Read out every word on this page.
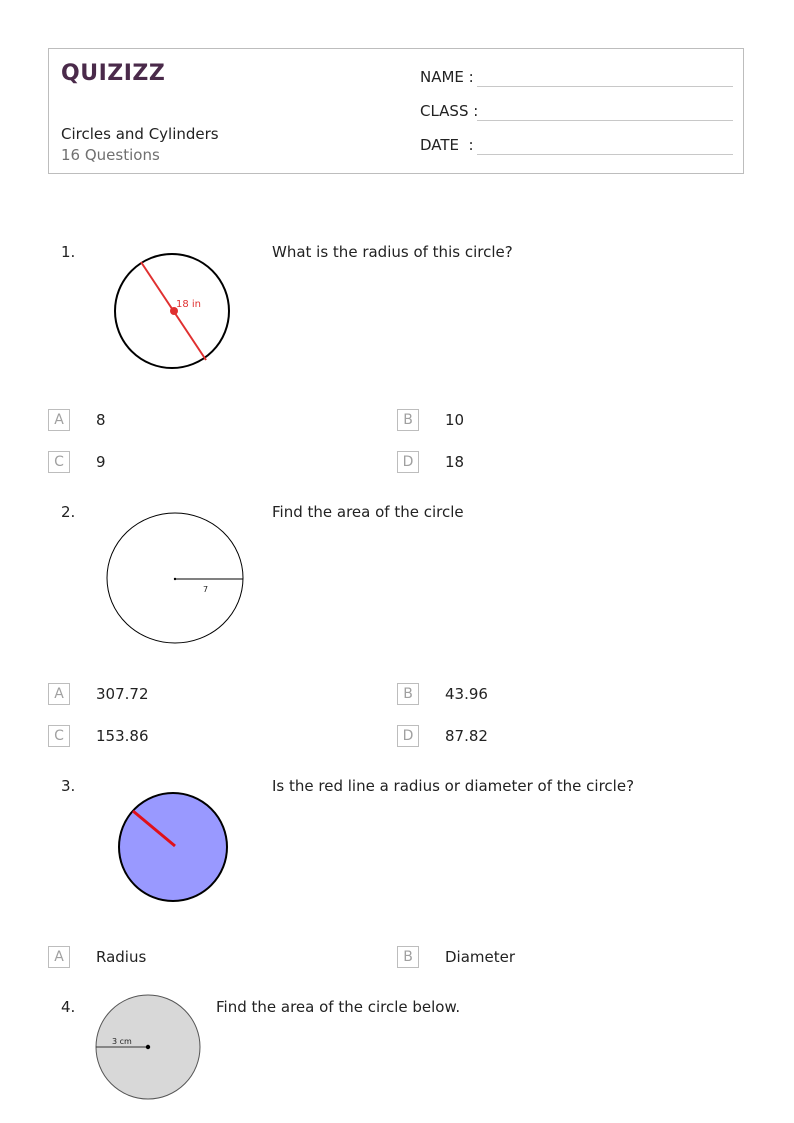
QUIZIZZ
Circles and Cylinders
16 Questions
NAME :
CLASS :
DATE  :
1.	What is the radius of this circle?
18 in
A	8	B	10
C	9	D	18
2.	Find the area of the circle
7
A	307.72	B	43.96
C	153.86	D	87.82
3.	Is the red line a radius or diameter of the circle?
A	Radius	B	Diameter
4.	Find the area of the circle below.
3 cm
